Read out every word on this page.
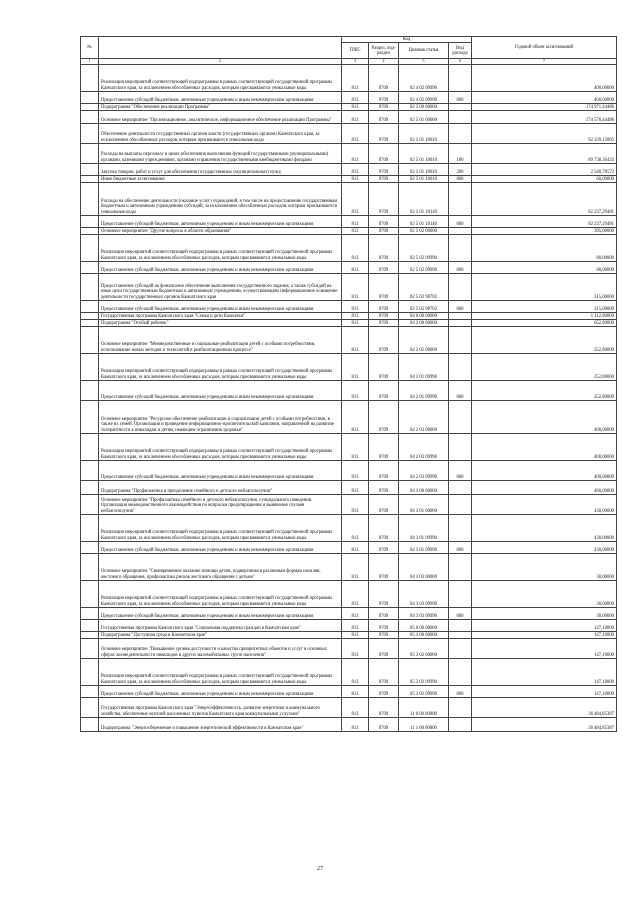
№		Код				Годовой объем ассигнований
		ГРБС	Раздел, под-раздел	Целевая статья	Вид расхода	
1	2	3	4	5	6	7
	Реализация мероприятий соответствующей подпрограммы в рамках соответствующей государственной программы Камчатского края, за исключением обособленных расходов, которым присваиваются уникальные коды	813	0709	02 4 02 09990		400,00000
	Предоставление субсидий бюджетным, автономным учреждениям и иным некоммерческим организациям	813	0709	02 4 02 09990	600	400,00000
	Подпрограмма "Обеспечение реализации Программы"	813	0709	02 5 00 00000		174 971,44486
	Основное мероприятие "Организационное, аналитическое, информационное обеспечение реализации Программы"	813	0709	02 5 01 00000		174 576,44486
	Обеспечение деятельности государственных органов власти (государственных органов) Камчатского края, за исключением обособленных расходов, которым присваиваются уникальные коды	813	0709	02 5 01 10010		92 339,15005
	Расходы на выплаты персоналу в целях обеспечения выполнения функций государственными (муниципальными) органами, казенными учреждениями, органами управления государственными внебюджетными фондами	813	0709	02 5 01 10010	100	89 738,36433
	Закупка товаров, работ и услуг для обеспечения государственных (муниципальных) нужд	813	0709	02 5 01 10010	200	2 540,78572
	Иные бюджетные ассигнования	813	0709	02 5 01 10010	800	60,00000
	Расходы на обеспечение деятельности (оказание услуг) учреждений, в том числе на предоставление государственным бюджетным и автономным учреждениям субсидий, за исключением обособленных расходов, которым присваиваются уникальные коды	813	0709	02 5 01 10140		82 237,29481
	Предоставление субсидий бюджетным, автономным учреждениям и иным некоммерческим организациям	813	0709	02 5 01 10140	600	82 237,29481
	Основное мероприятие "Другие вопросы в области образования"	813	0709	02 5 02 00000		395,00000
	Реализация мероприятий соответствующей подпрограммы в рамках соответствующей государственной программы Камчатского края, за исключением обособленных расходов, которым присваиваются уникальные коды	813	0709	02 5 02 09990		80,00000
	Предоставление субсидий бюджетным, автономным учреждениям и иным некоммерческим организациям	813	0709	02 5 02 09990	600	80,00000
	Предоставление субсидий на финансовое обеспечение выполнения государственного задания, а также субсидий на иные цели государственным бюджетным и автономным учреждениям, осуществляющим информационное освещение деятельности государственных органов Камчатского края	813	0709	02 5 02 98702		315,00000
	Предоставление субсидий бюджетным, автономным учреждениям и иным некоммерческим организациям	813	0709	02 5 02 98702	600	315,00000
	Государственная программа Камчатского края "Семья и дети Камчатки"	813	0709	04 0 00 00000		1 112,80000
	Подпрограмма "Особый ребенок"	813	0709	04 2 00 00000		652,80000
	Основное мероприятие "Межведомственные и социальные реабилитация детей с особыми потребностями, использование новых методов и технологий в реабилитационном процессе"	813	0709	04 2 01 00000		252,80000
	Реализация мероприятий соответствующей подпрограммы в рамках соответствующей государственной программы Камчатского края, за исключением обособленных расходов, которым присваиваются уникальные коды	813	0709	04 2 01 09990		252,80000
	Предоставление субсидий бюджетным, автономным учреждениям и иным некоммерческим организациям	813	0709	04 2 01 09990	600	252,80000
	Основное мероприятие "Ресурсное обеспечение реабилитации и социализации детей с особыми потребностями, в также их семей. Организация и проведение информационно-просветительской кампании, направленной на развитие толерантности к инвалидам и детям, имеющим ограничения здоровья"	813	0709	04 2 03 00000		400,00000
	Реализация мероприятий соответствующей подпрограммы в рамках соответствующей государственной программы Камчатского края, за исключением обособленных расходов, которым присваиваются уникальные коды	813	0709	04 2 03 09990		400,00000
	Предоставление субсидий бюджетным, автономным учреждениям и иным некоммерческим организациям	813	0709	04 2 03 09990	600	400,00000
	Подпрограмма "Профилактика и преодоление семейного и детского неблагополучия"	813	0709	04 3 00 00000		460,00000
	Основное мероприятие "Профилактика семейного и детского неблагополучия, суицидального поведения. Организация межведомственного взаимодействия по вопросам предотвращения и выявления случаев неблагополучия"	813	0709	04 3 01 00000		430,00000
	Реализация мероприятий соответствующей подпрограммы в рамках соответствующей государственной программы Камчатского края, за исключением обособленных расходов, которым присваиваются уникальные коды	813	0709	04 3 01 09990		430,00000
	Предоставление субсидий бюджетным, автономным учреждениям и иным некоммерческим организациям	813	0709	04 3 01 09990	600	430,00000
	Основное мероприятие "Своевременное оказание помощи детям, подвергшимся различным формам насилия, жестокого обращения, профилактика рисков жестокого обращения с детьми"	813	0709	04 3 03 00000		30,00000
	Реализация мероприятий соответствующей подпрограммы в рамках соответствующей государственной программы Камчатского края, за исключением обособленных расходов, которым присваиваются уникальные коды	813	0709	04 3 03 09990		30,00000
	Предоставление субсидий бюджетным, автономным учреждениям и иным некоммерческим организациям	813	0709	04 3 03 09990	600	30,00000
	Государственная программа Камчатского края "Социальная поддержка граждан в Камчатском крае"	813	0709	05 0 00 00000		147,10000
	Подпрограмма "Доступная среда в Камчатском крае"	813	0709	05 3 00 00000		147,10000
	Основное мероприятие "Повышение уровня доступности и качества приоритетных объектов и услуг в основных сферах жизнедеятельности инвалидов и других маломобильных групп населения"	813	0709	05 3 02 00000		147,10000
	Реализация мероприятий соответствующей подпрограммы в рамках соответствующей государственной программы Камчатского края, за исключением обособленных расходов, которым присваиваются уникальные коды	813	0709	05 3 02 09990		147,10000
	Предоставление субсидий бюджетным, автономным учреждениям и иным некоммерческим организациям	813	0709	05 3 02 09990	600	147,10000
	Государственная программа Камчатского края "Энергоэффективность, развитие энергетики и коммунального хозяйства, обеспечение жителей населенных пунктов Камчатского края коммунальными услугами"	813	0709	11 0 00 00000		36 484,85387
	Подпрограмма "Энергосбережение и повышение энергетической эффективности в Камчатском крае"	813	0709	11 1 00 00000		36 484,85387
27
